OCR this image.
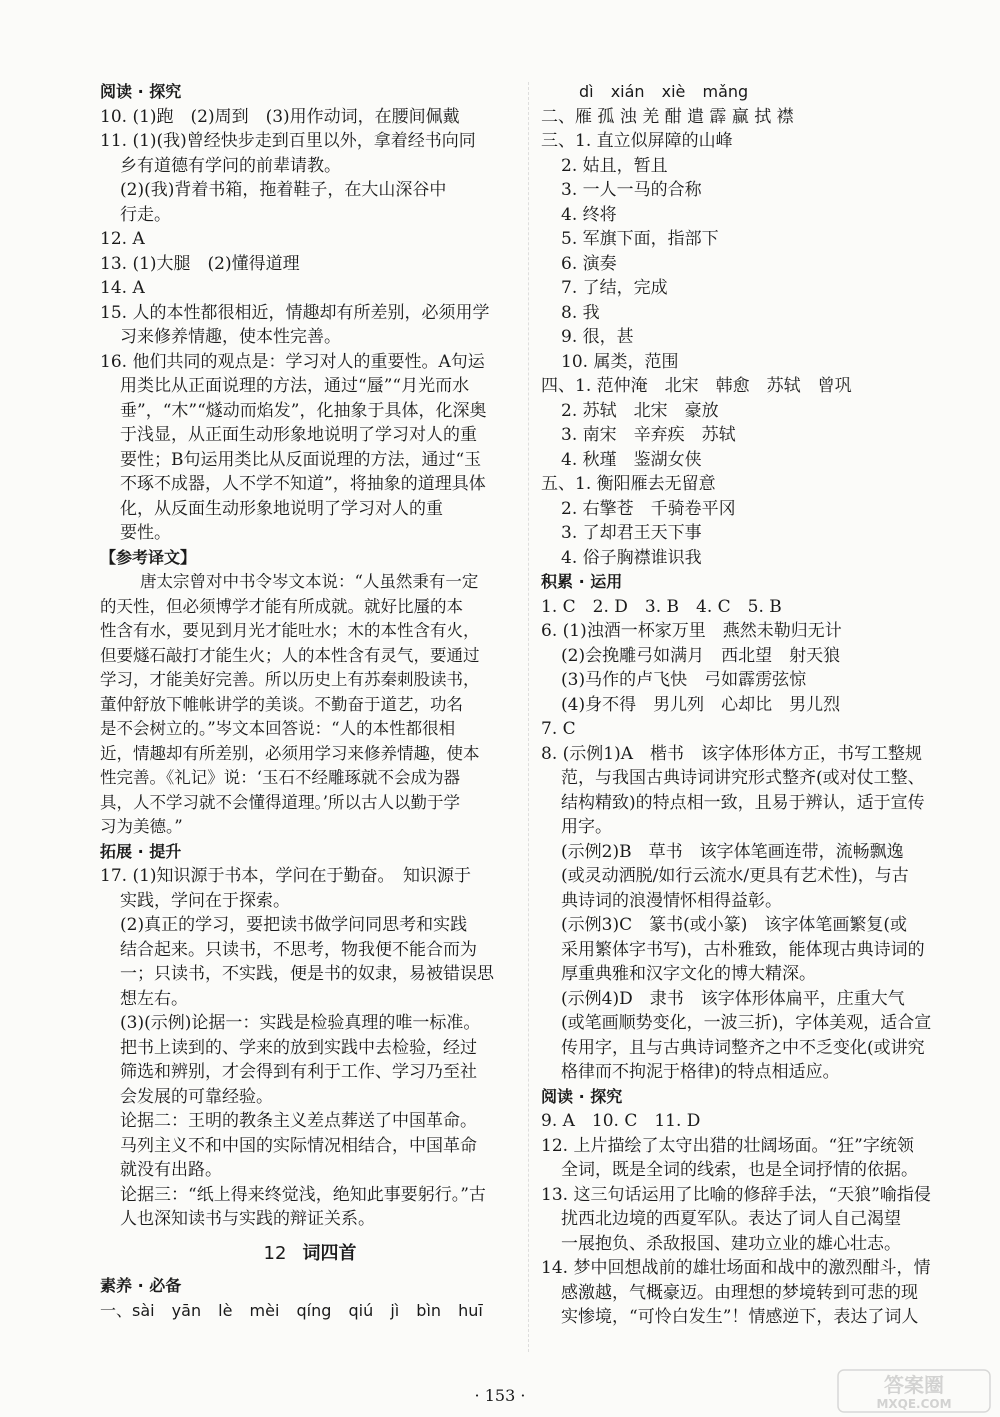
阅读 · 探究
10. (1)跑　(2)周到　(3)用作动词，在腰间佩戴
11. (1)(我)曾经快步走到百里以外，拿着经书向同
乡有道德有学问的前辈请教。
(2)(我)背着书箱，拖着鞋子，在大山深谷中
行走。
12. A
13. (1)大腿　(2)懂得道理
14. A
15. 人的本性都很相近，情趣却有所差别，必须用学
习来修养情趣，使本性完善。
16. 他们共同的观点是：学习对人的重要性。A句运
用类比从正面说理的方法，通过“蜃”“月光而水
垂”，“木”“燧动而焰发”，化抽象于具体，化深奥
于浅显，从正面生动形象地说明了学习对人的重
要性；B句运用类比从反面说理的方法，通过“玉
不琢不成器，人不学不知道”，将抽象的道理具体
化，从反面生动形象地说明了学习对人的重
要性。
【参考译文】
唐太宗曾对中书令岑文本说：“人虽然秉有一定
的天性，但必须博学才能有所成就。就好比蜃的本
性含有水，要见到月光才能吐水；木的本性含有火，
但要燧石敲打才能生火；人的本性含有灵气，要通过
学习，才能美好完善。所以历史上有苏秦刺股读书，
董仲舒放下帷帐讲学的美谈。不勤奋于道艺，功名
是不会树立的。”岑文本回答说：“人的本性都很相
近，情趣却有所差别，必须用学习来修养情趣，使本
性完善。《礼记》说：‘玉石不经雕琢就不会成为器
具，人不学习就不会懂得道理。’所以古人以勤于学
习为美德。”
拓展 · 提升
17. (1)知识源于书本，学问在于勤奋。　知识源于
实践，学问在于探索。
(2)真正的学习，要把读书做学问同思考和实践
结合起来。只读书，不思考，物我便不能合而为
一；只读书，不实践，便是书的奴隶，易被错误思
想左右。
(3)(示例)论据一：实践是检验真理的唯一标准。
把书上读到的、学来的放到实践中去检验，经过
筛选和辨别，才会得到有利于工作、学习乃至社
会发展的可靠经验。
论据二：王明的教条主义差点葬送了中国革命。
马列主义不和中国的实际情况相结合，中国革命
就没有出路。
论据三：“纸上得来终觉浅，绝知此事要躬行。”古
人也深知读书与实践的辩证关系。
12 词四首
素养 · 必备
一、sài yān lè mèi qíng qiú jì bìn huī
dì xián xiè mǎng
二、雁 孤 浊 羌 酣 遣 霹 赢 拭 襟
三、1. 直立似屏障的山峰
2. 姑且，暂且
3. 一人一马的合称
4. 终将
5. 军旗下面，指部下
6. 演奏
7. 了结，完成
8. 我
9. 很，甚
10. 属类，范围
四、1. 范仲淹　北宋　韩愈　苏轼　曾巩
2. 苏轼　北宋　豪放
3. 南宋　辛弃疾　苏轼
4. 秋瑾　鉴湖女侠
五、1. 衡阳雁去无留意
2. 右擎苍　千骑卷平冈
3. 了却君王天下事
4. 俗子胸襟谁识我
积累 · 运用
1. C　2. D　3. B　4. C　5. B
6. (1)浊酒一杯家万里　燕然未勒归无计
(2)会挽雕弓如满月　西北望　射天狼
(3)马作的卢飞快　弓如霹雳弦惊
(4)身不得　男儿列　心却比　男儿烈
7. C
8. (示例1)A　楷书　该字体形体方正，书写工整规
范，与我国古典诗词讲究形式整齐(或对仗工整、
结构精致)的特点相一致，且易于辨认，适于宣传
用字。
(示例2)B　草书　该字体笔画连带，流畅飘逸
(或灵动洒脱/如行云流水/更具有艺术性)，与古
典诗词的浪漫情怀相得益彰。
(示例3)C　篆书(或小篆)　该字体笔画繁复(或
采用繁体字书写)，古朴雅致，能体现古典诗词的
厚重典雅和汉字文化的博大精深。
(示例4)D　隶书　该字体形体扁平，庄重大气
(或笔画顺势变化，一波三折)，字体美观，适合宣
传用字，且与古典诗词整齐之中不乏变化(或讲究
格律而不拘泥于格律)的特点相适应。
阅读 · 探究
9. A　10. C　11. D
12. 上片描绘了太守出猎的壮阔场面。“狂”字统领
全词，既是全词的线索，也是全词抒情的依据。
13. 这三句话运用了比喻的修辞手法，“天狼”喻指侵
扰西北边境的西夏军队。表达了词人自己渴望
一展抱负、杀敌报国、建功立业的雄心壮志。
14. 梦中回想战前的雄壮场面和战中的激烈酣斗，情
感激越，气概豪迈。由理想的梦境转到可悲的现
实惨境，“可怜白发生”！情感逆下，表达了词人
· 153 ·	答案圈
MXQE.COM
